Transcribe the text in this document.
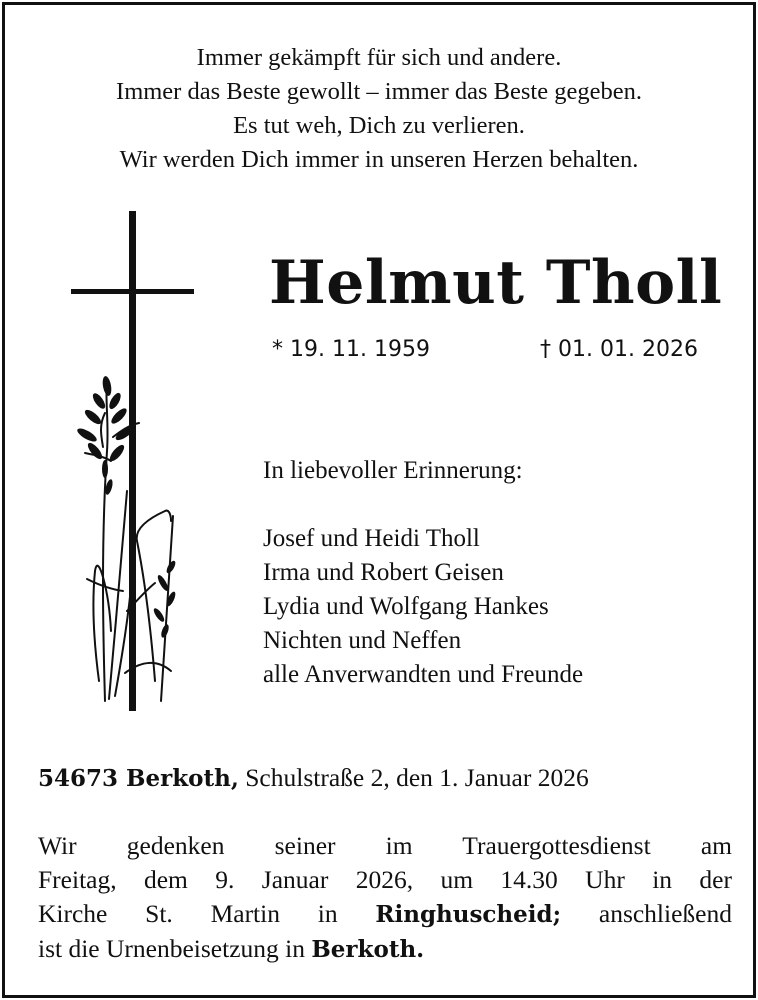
Immer gekämpft für sich und andere.
Immer das Beste gewollt – immer das Beste gegeben.
Es tut weh, Dich zu verlieren.
Wir werden Dich immer in unseren Herzen behalten.
Helmut Tholl
* 19. 11. 1959	† 01. 01. 2026
In liebevoller Erinnerung:
Josef und Heidi Tholl
Irma und Robert Geisen
Lydia und Wolfgang Hankes
Nichten und Neffen
alle Anverwandten und Freunde
54673 Berkoth, Schulstraße 2, den 1. Januar 2026
Wir gedenken seiner im Trauergottesdienst am
Freitag, dem 9. Januar 2026, um 14.30 Uhr in der
Kirche St. Martin in Ringhuscheid; anschließend
ist die Urnenbeisetzung in Berkoth.
